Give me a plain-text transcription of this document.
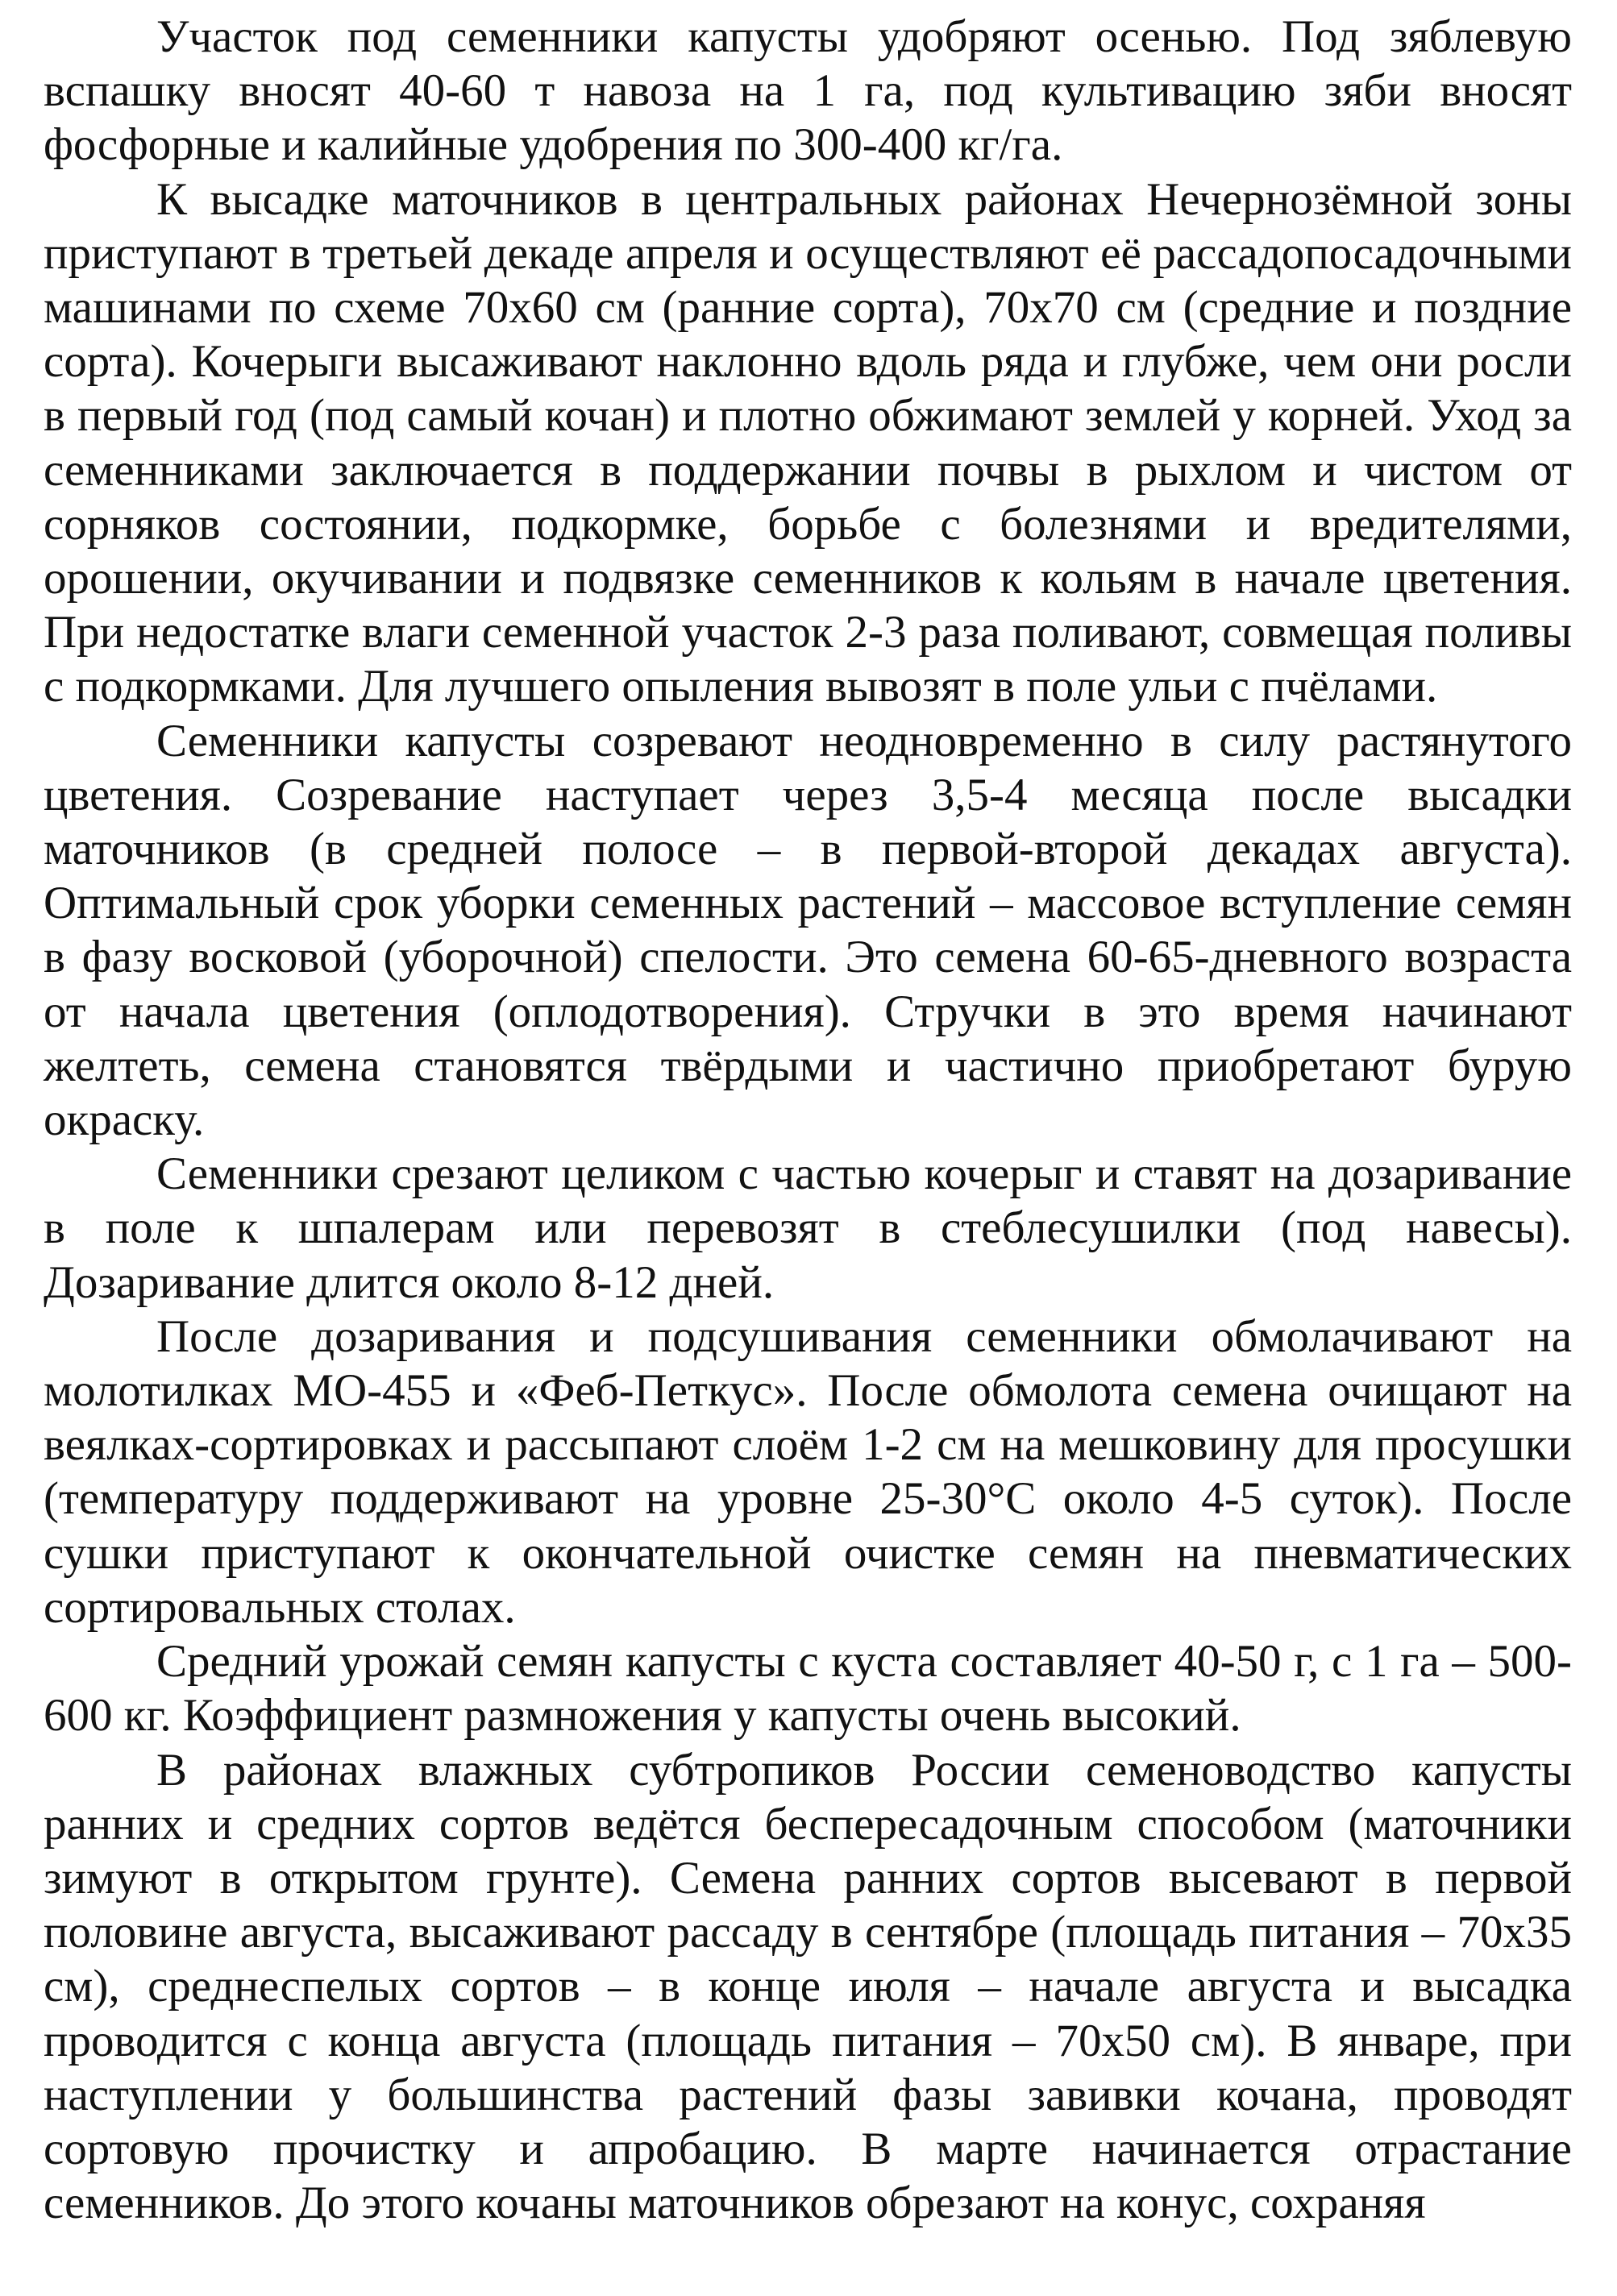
Участок под семенники капусты удобряют осенью. Под зяблевую вспашку вносят 40-60 т навоза на 1 га, под культивацию зяби вносят фосфорные и калийные удобрения по 300-400 кг/га.

К высадке маточников в центральных районах Нечернозёмной зоны приступают в третьей декаде апреля и осуществляют её рассадопосадочными машинами по схеме 70x60 см (ранние сорта), 70x70 см (средние и поздние сорта). Кочерыги высаживают наклонно вдоль ряда и глубже, чем они росли в первый год (под самый кочан) и плотно обжимают землей у корней. Уход за семенниками заключается в поддержании почвы в рыхлом и чистом от сорняков состоянии, подкормке, борьбе с болезнями и вредителями, орошении, окучивании и подвязке семенников к кольям в начале цветения. При недостатке влаги семенной участок 2-3 раза поливают, совмещая поливы с подкормками. Для лучшего опыления вывозят в поле ульи с пчёлами.

Семенники капусты созревают неодновременно в силу растянутого цветения. Созревание наступает через 3,5-4 месяца после высадки маточников (в средней полосе – в первой-второй декадах августа). Оптимальный срок уборки семенных растений – массовое вступление семян в фазу восковой (уборочной) спелости. Это семена 60-65-дневного возраста от начала цветения (оплодотворения). Стручки в это время начинают желтеть, семена становятся твёрдыми и частично приобретают бурую окраску.

Семенники срезают целиком с частью кочерыг и ставят на дозаривание в поле к шпалерам или перевозят в стеблесушилки (под навесы). Дозаривание длится около 8-12 дней.

После дозаривания и подсушивания семенники обмолачивают на молотилках МО-455 и «Феб-Петкус». После обмолота семена очищают на веялках-сортировках и рассыпают слоём 1-2 см на мешковину для просушки (температуру поддерживают на уровне 25-30°С около 4-5 суток). После сушки приступают к окончательной очистке семян на пневматических сортировальных столах.

Средний урожай семян капусты с куста составляет 40-50 г, с 1 га – 500-600 кг. Коэффициент размножения у капусты очень высокий.

В районах влажных субтропиков России семеноводство капусты ранних и средних сортов ведётся беспересадочным способом (маточники зимуют в открытом грунте). Семена ранних сортов высевают в первой половине августа, высаживают рассаду в сентябре (площадь питания – 70x35 см), среднеспелых сортов – в конце июля – начале августа и высадка проводится с конца августа (площадь питания – 70x50 см). В январе, при наступлении у большинства растений фазы завивки кочана, проводят сортовую прочистку и апробацию. В марте начинается отрастание семенников. До этого кочаны маточников обрезают на конус, сохраняя
